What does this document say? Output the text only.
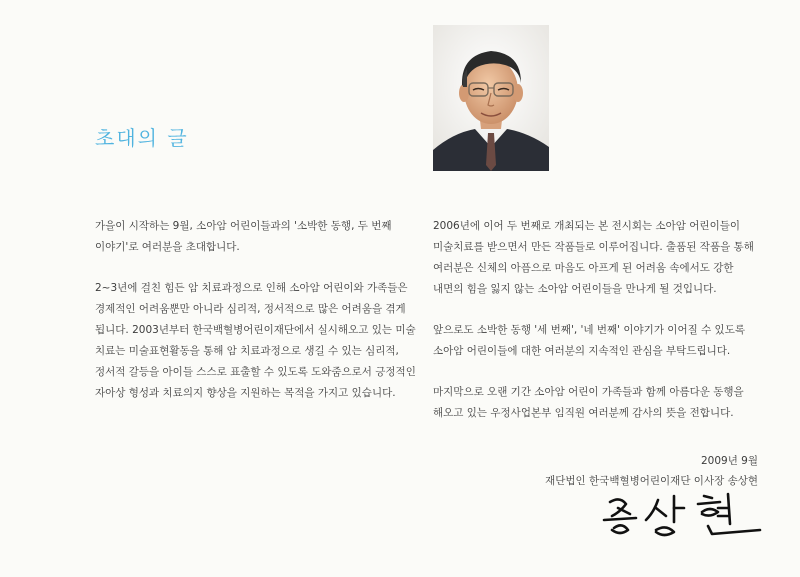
초대의 글

가을이 시작하는 9월, 소아암 어린이들과의 '소박한 동행, 두 번째
이야기'로 여러분을 초대합니다.

2~3년에 걸친 힘든 암 치료과정으로 인해 소아암 어린이와 가족들은
경제적인 어려움뿐만 아니라 심리적, 정서적으로 많은 어려움을 겪게
됩니다. 2003년부터 한국백혈병어린이재단에서 실시해오고 있는 미술
치료는 미술표현활동을 통해 암 치료과정으로 생길 수 있는 심리적,
정서적 갈등을 아이들 스스로 표출할 수 있도록 도와줌으로서 긍정적인
자아상 형성과 치료의지 향상을 지원하는 목적을 가지고 있습니다.

2006년에 이어 두 번째로 개최되는 본 전시회는 소아암 어린이들이
미술치료를 받으면서 만든 작품들로 이루어집니다. 출품된 작품을 통해
여러분은 신체의 아픔으로 마음도 아프게 된 어려움 속에서도 강한
내면의 힘을 잃지 않는 소아암 어린이들을 만나게 될 것입니다.

앞으로도 소박한 동행 '세 번째', '네 번째' 이야기가 이어질 수 있도록
소아암 어린이들에 대한 여러분의 지속적인 관심을 부탁드립니다.

마지막으로 오랜 기간 소아암 어린이 가족들과 함께 아름다운 동행을
해오고 있는 우정사업본부 임직원 여러분께 감사의 뜻을 전합니다.

2009년 9월
재단법인 한국백혈병어린이재단 이사장 송상현
